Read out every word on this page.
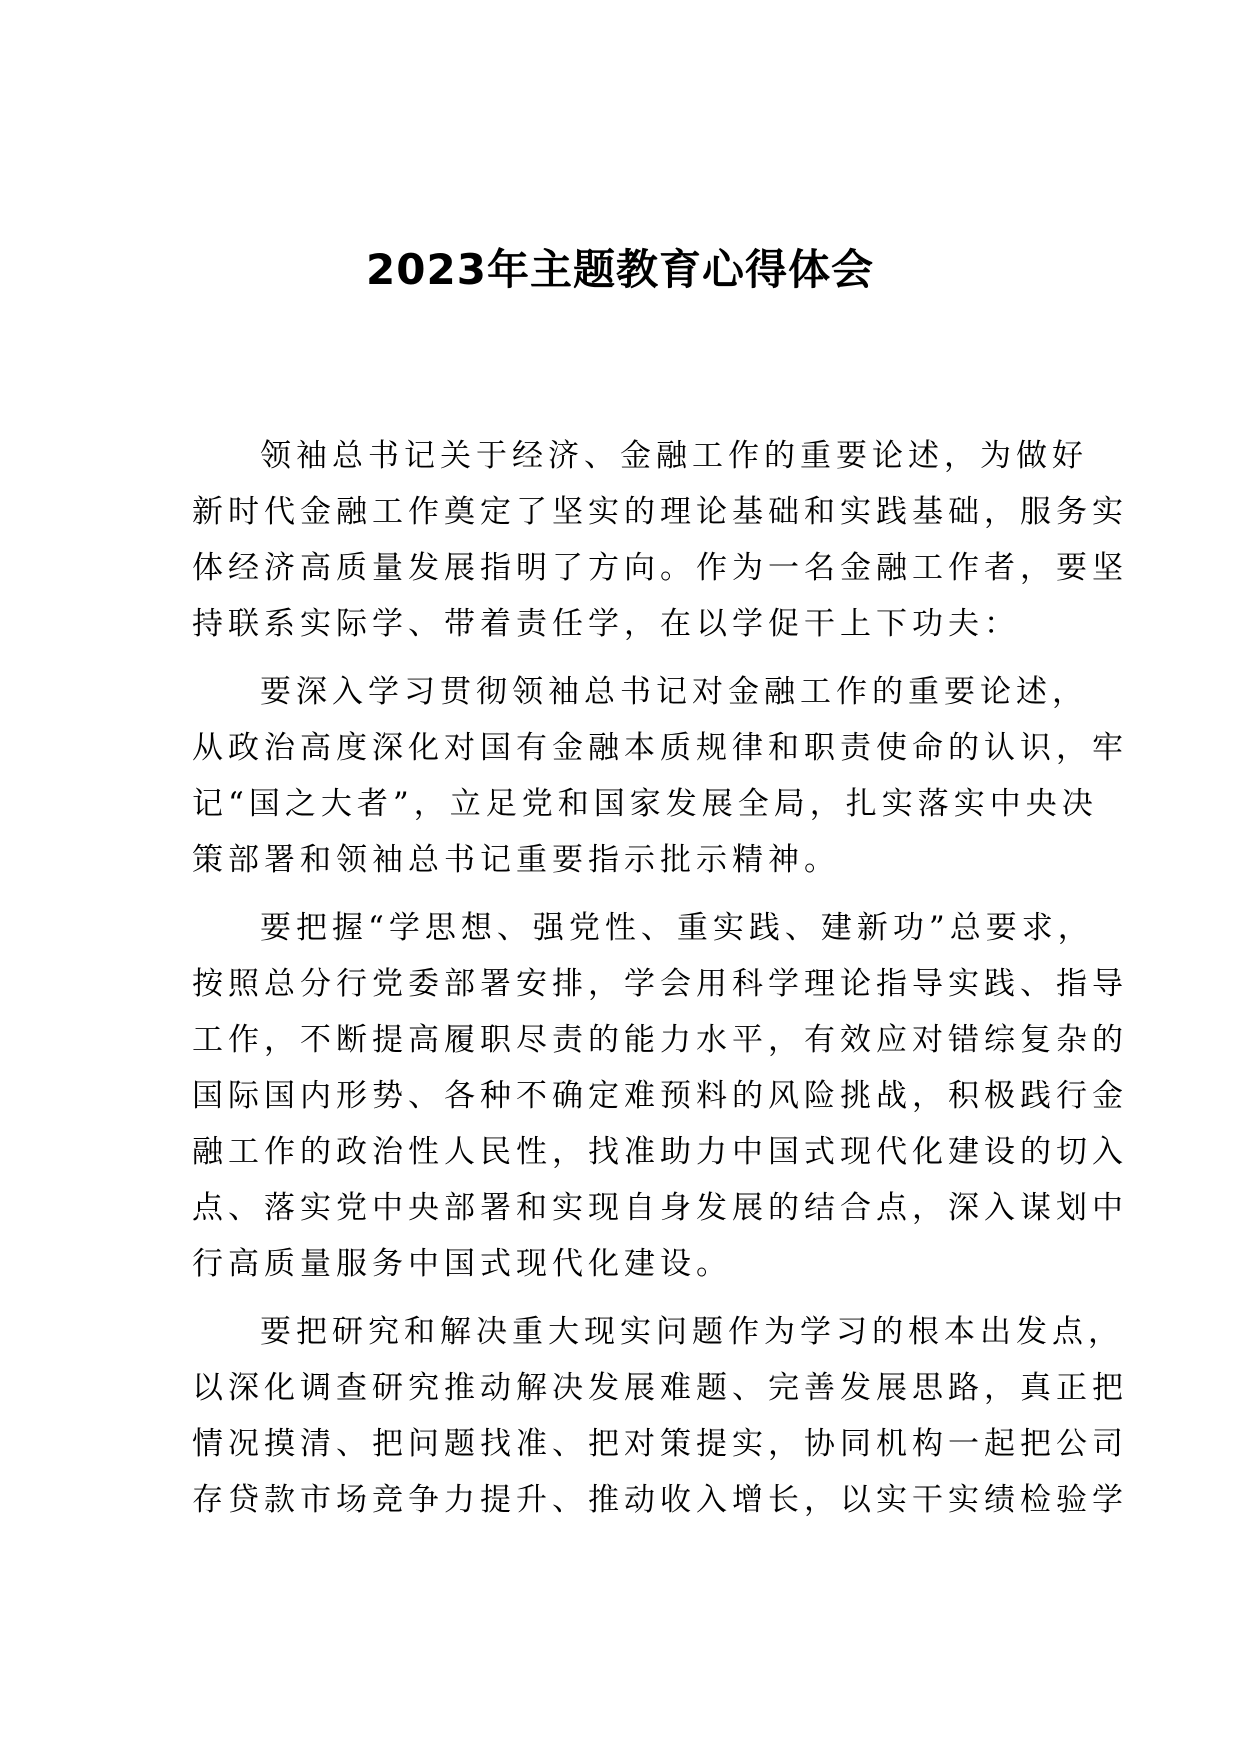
2023年主题教育心得体会
领袖总书记关于经济、金融工作的重要论述，为做好
新时代金融工作奠定了坚实的理论基础和实践基础，服务实
体经济高质量发展指明了方向。作为一名金融工作者，要坚
持联系实际学、带着责任学，在以学促干上下功夫：
要深入学习贯彻领袖总书记对金融工作的重要论述，
从政治高度深化对国有金融本质规律和职责使命的认识，牢
记“国之大者”，立足党和国家发展全局，扎实落实中央决
策部署和领袖总书记重要指示批示精神。
要把握“学思想、强党性、重实践、建新功”总要求，
按照总分行党委部署安排，学会用科学理论指导实践、指导
工作，不断提高履职尽责的能力水平，有效应对错综复杂的
国际国内形势、各种不确定难预料的风险挑战，积极践行金
融工作的政治性人民性，找准助力中国式现代化建设的切入
点、落实党中央部署和实现自身发展的结合点，深入谋划中
行高质量服务中国式现代化建设。
要把研究和解决重大现实问题作为学习的根本出发点，
以深化调查研究推动解决发展难题、完善发展思路，真正把
情况摸清、把问题找准、把对策提实，协同机构一起把公司
存贷款市场竞争力提升、推动收入增长，以实干实绩检验学
